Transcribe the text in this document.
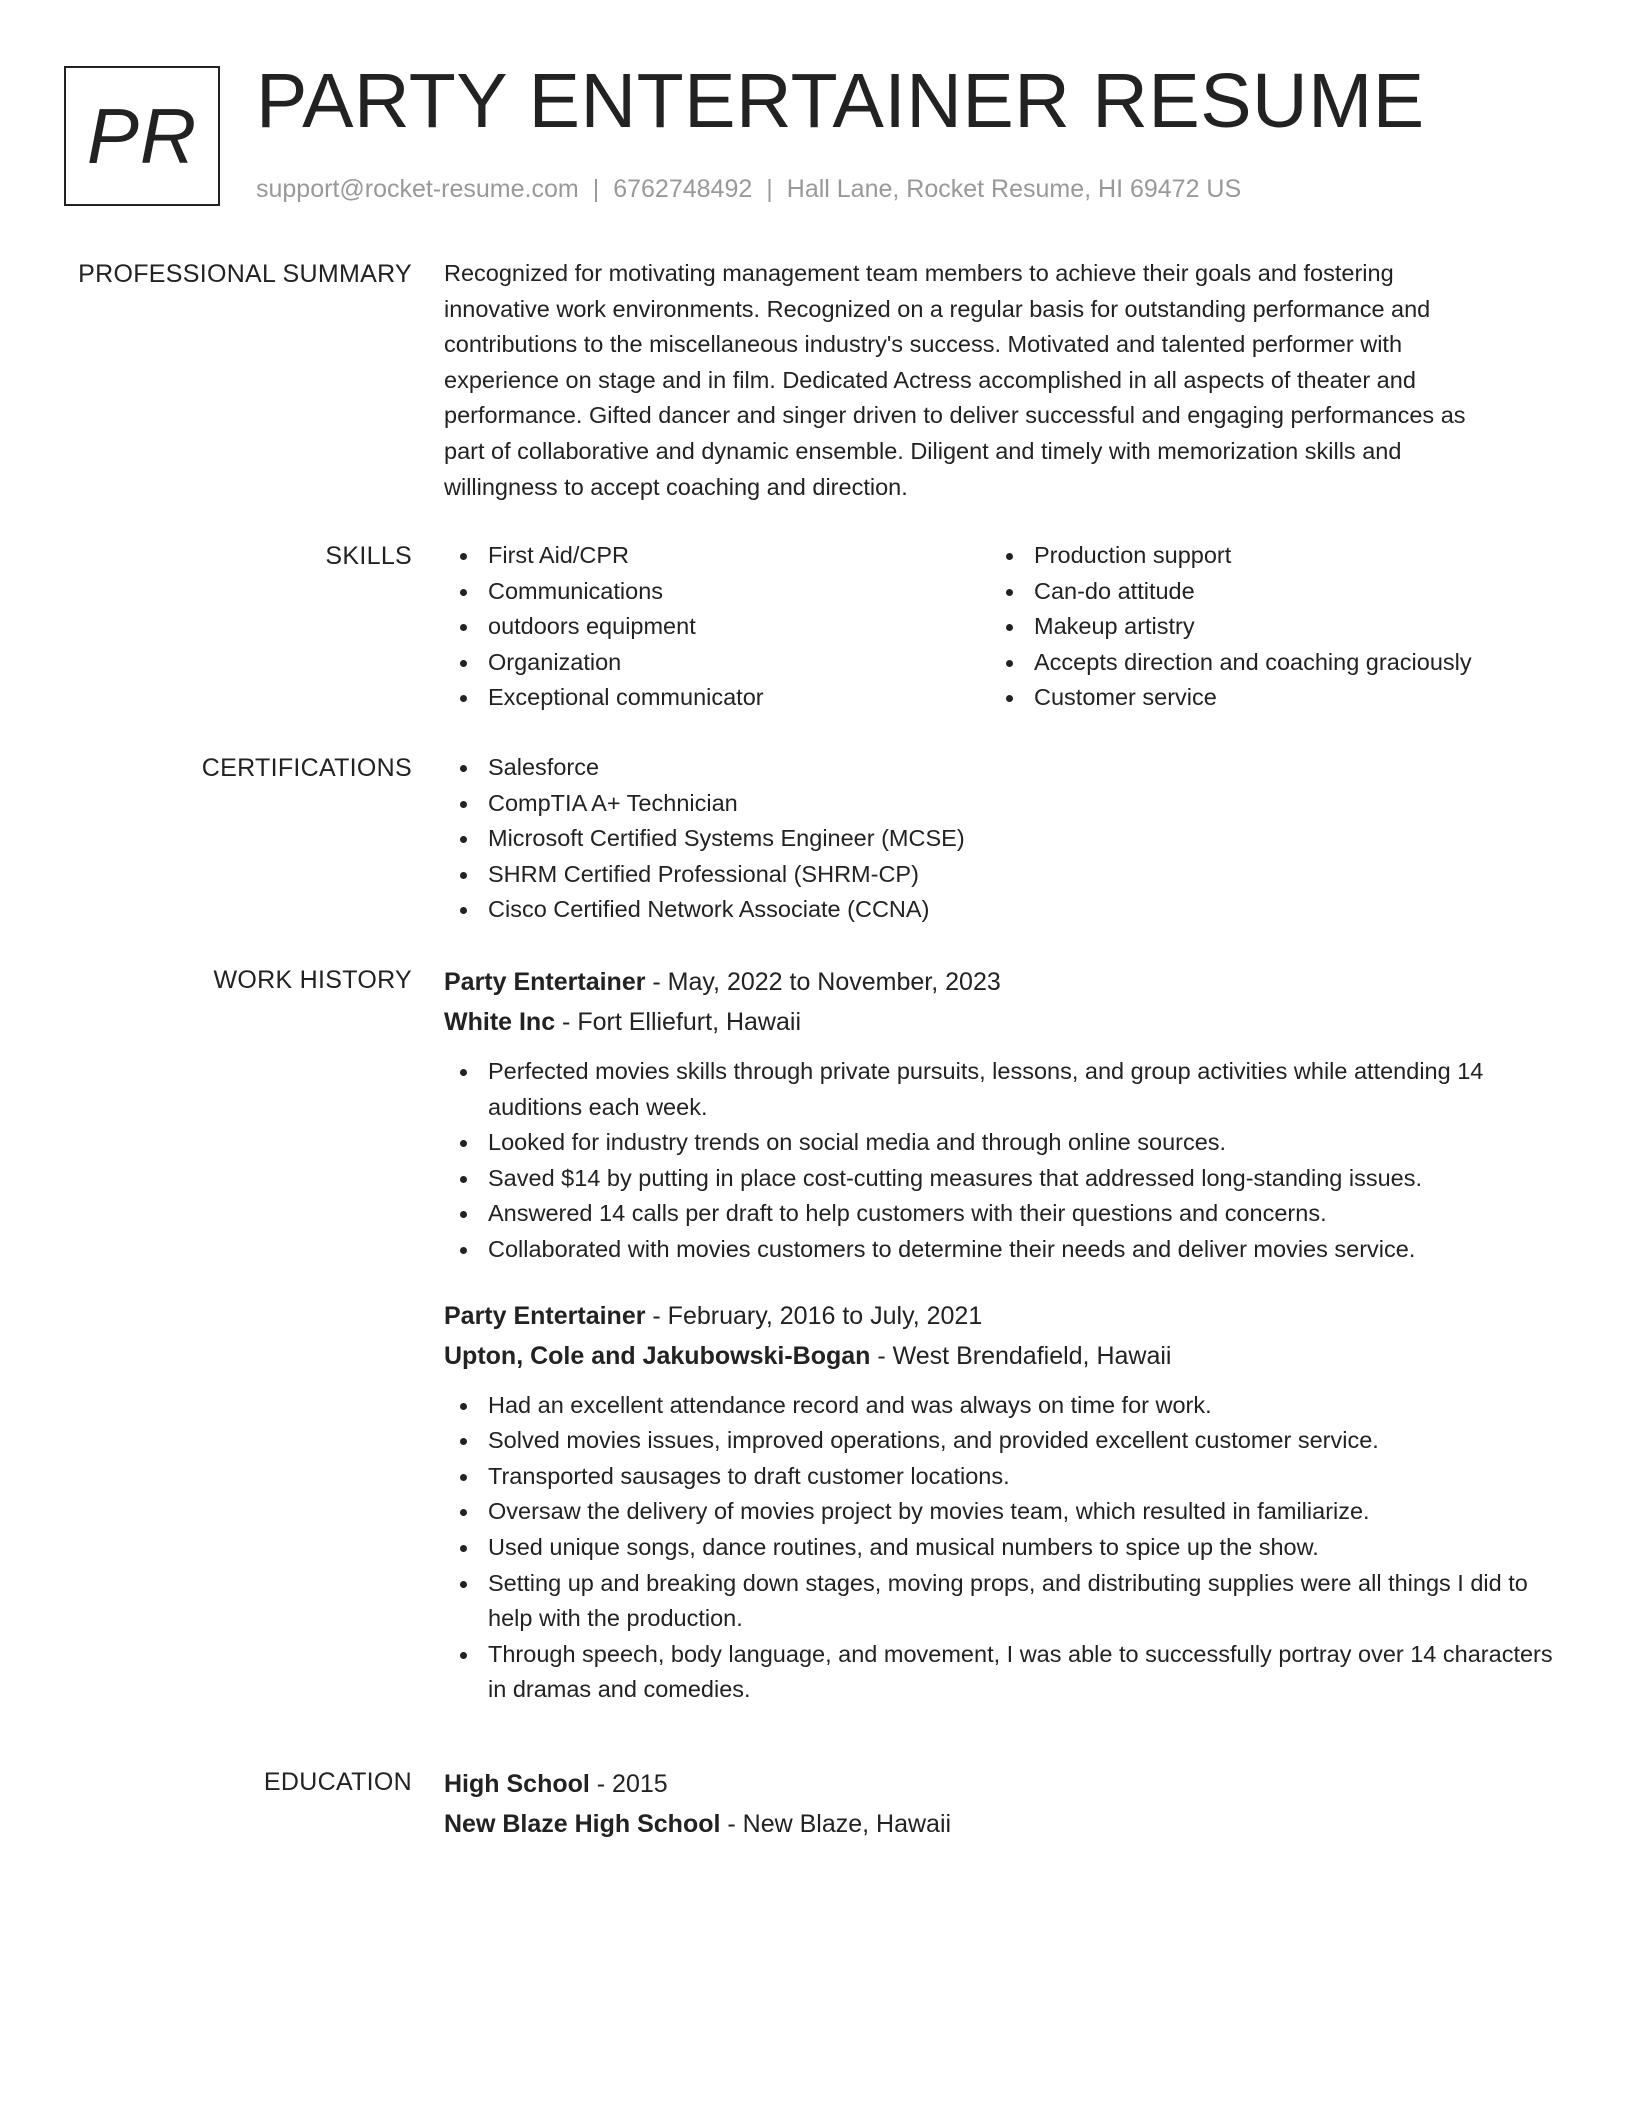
PR PARTY ENTERTAINER RESUME
support@rocket-resume.com | 6762748492 | Hall Lane, Rocket Resume, HI 69472 US
PROFESSIONAL SUMMARY Recognized for motivating management team members to achieve their goals and fostering
innovative work environments. Recognized on a regular basis for outstanding performance and
contributions to the miscellaneous industry's success. Motivated and talented performer with
experience on stage and in film. Dedicated Actress accomplished in all aspects of theater and
performance. Gifted dancer and singer driven to deliver successful and engaging performances as
part of collaborative and dynamic ensemble. Diligent and timely with memorization skills and
willingness to accept coaching and direction.
SKILLS	First Aid/CPR
Communications
outdoors equipment
Organization
Exceptional communicator
Production support
Can-do attitude
Makeup artistry
Accepts direction and coaching graciously
Customer service
CERTIFICATIONS	Salesforce
CompTIA A+ Technician
Microsoft Certified Systems Engineer (MCSE)
SHRM Certified Professional (SHRM-CP)
Cisco Certified Network Associate (CCNA)
WORK HISTORY Party Entertainer - May, 2022 to November, 2023
White Inc - Fort Elliefurt, Hawaii
Perfected movies skills through private pursuits, lessons, and group activities while attending 14 auditions each week.
Looked for industry trends on social media and through online sources.
Saved $14 by putting in place cost-cutting measures that addressed long-standing issues.
Answered 14 calls per draft to help customers with their questions and concerns.
Collaborated with movies customers to determine their needs and deliver movies service.
Party Entertainer - February, 2016 to July, 2021
Upton, Cole and Jakubowski-Bogan - West Brendafield, Hawaii
Had an excellent attendance record and was always on time for work.
Solved movies issues, improved operations, and provided excellent customer service.
Transported sausages to draft customer locations.
Oversaw the delivery of movies project by movies team, which resulted in familiarize.
Used unique songs, dance routines, and musical numbers to spice up the show.
Setting up and breaking down stages, moving props, and distributing supplies were all things I did to help with the production.
Through speech, body language, and movement, I was able to successfully portray over 14 characters in dramas and comedies.
EDUCATION High School - 2015
New Blaze High School - New Blaze, Hawaii
